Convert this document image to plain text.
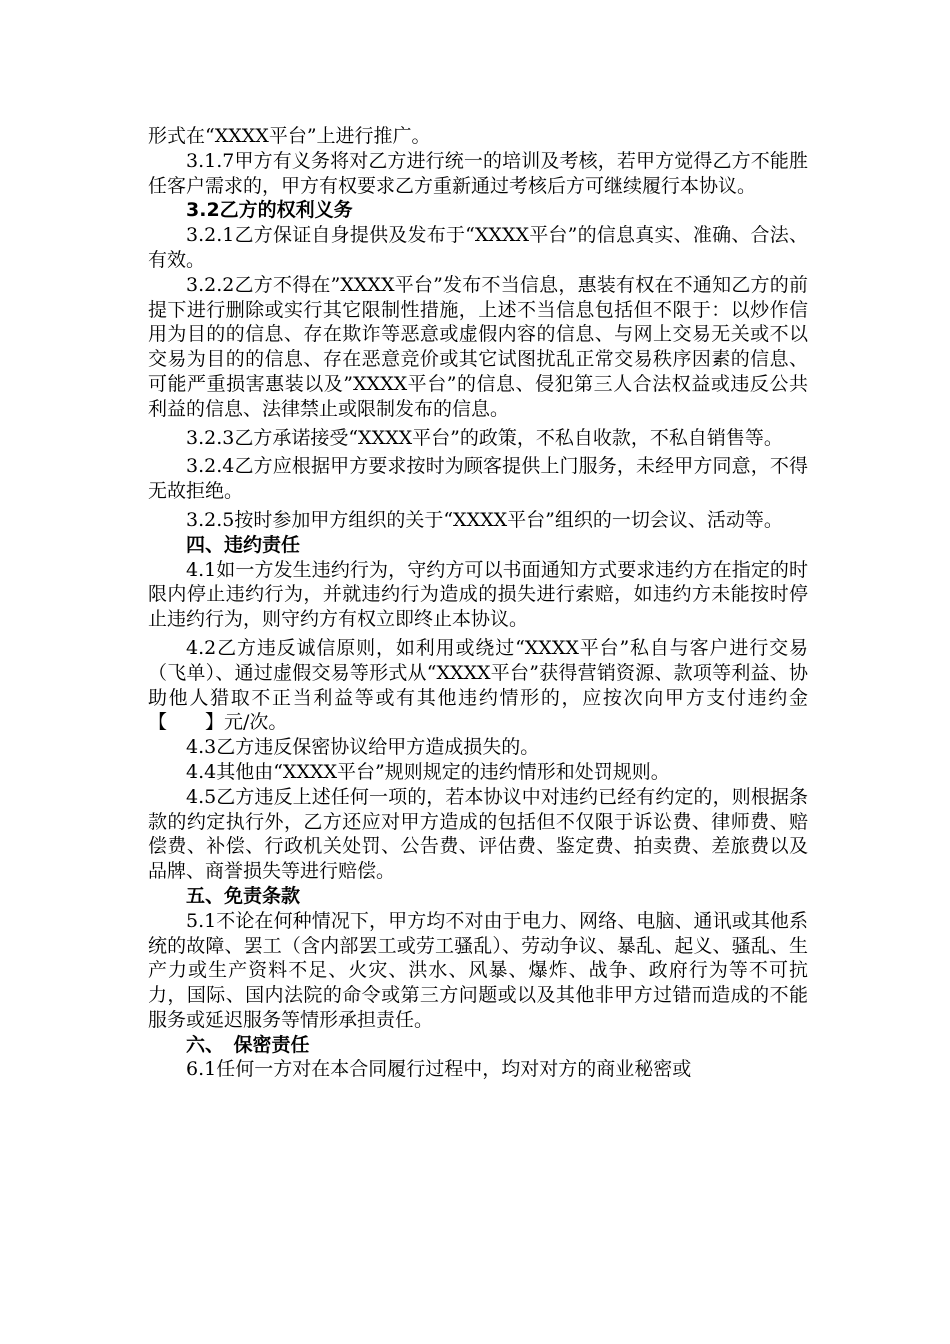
形式在“XXXX平台”上进行推广。

3.1.7甲方有义务将对乙方进行统一的培训及考核，若甲方觉得乙方不能胜任客户需求的，甲方有权要求乙方重新通过考核后方可继续履行本协议。

3.2乙方的权利义务

3.2.1乙方保证自身提供及发布于“XXXX平台”的信息真实、准确、合法、有效。

3.2.2乙方不得在”XXXX平台”发布不当信息，惠装有权在不通知乙方的前提下进行删除或实行其它限制性措施，上述不当信息包括但不限于：以炒作信用为目的的信息、存在欺诈等恶意或虚假内容的信息、与网上交易无关或不以交易为目的的信息、存在恶意竞价或其它试图扰乱正常交易秩序因素的信息、可能严重损害惠装以及”XXXX平台”的信息、侵犯第三人合法权益或违反公共利益的信息、法律禁止或限制发布的信息。

3.2.3乙方承诺接受“XXXX平台”的政策，不私自收款，不私自销售等。

3.2.4乙方应根据甲方要求按时为顾客提供上门服务，未经甲方同意，不得无故拒绝。

3.2.5按时参加甲方组织的关于“XXXX平台”组织的一切会议、活动等。

四、违约责任

4.1如一方发生违约行为，守约方可以书面通知方式要求违约方在指定的时限内停止违约行为，并就违约行为造成的损失进行索赔，如违约方未能按时停止违约行为，则守约方有权立即终止本协议。

4.2乙方违反诚信原则，如利用或绕过“XXXX平台”私自与客户进行交易（飞单）、通过虚假交易等形式从“XXXX平台”获得营销资源、款项等利益、协助他人猎取不正当利益等或有其他违约情形的，应按次向甲方支付违约金【　　】元/次。

4.3乙方违反保密协议给甲方造成损失的。

4.4其他由“XXXX平台”规则规定的违约情形和处罚规则。

4.5乙方违反上述任何一项的，若本协议中对违约已经有约定的，则根据条款的约定执行外，乙方还应对甲方造成的包括但不仅限于诉讼费、律师费、赔偿费、补偿、行政机关处罚、公告费、评估费、鉴定费、拍卖费、差旅费以及品牌、商誉损失等进行赔偿。

五、免责条款

5.1不论在何种情况下，甲方均不对由于电力、网络、电脑、通讯或其他系统的故障、罢工（含内部罢工或劳工骚乱）、劳动争议、暴乱、起义、骚乱、生产力或生产资料不足、火灾、洪水、风暴、爆炸、战争、政府行为等不可抗力，国际、国内法院的命令或第三方问题或以及其他非甲方过错而造成的不能服务或延迟服务等情形承担责任。

六、　保密责任

6.1任何一方对在本合同履行过程中，均对对方的商业秘密或
